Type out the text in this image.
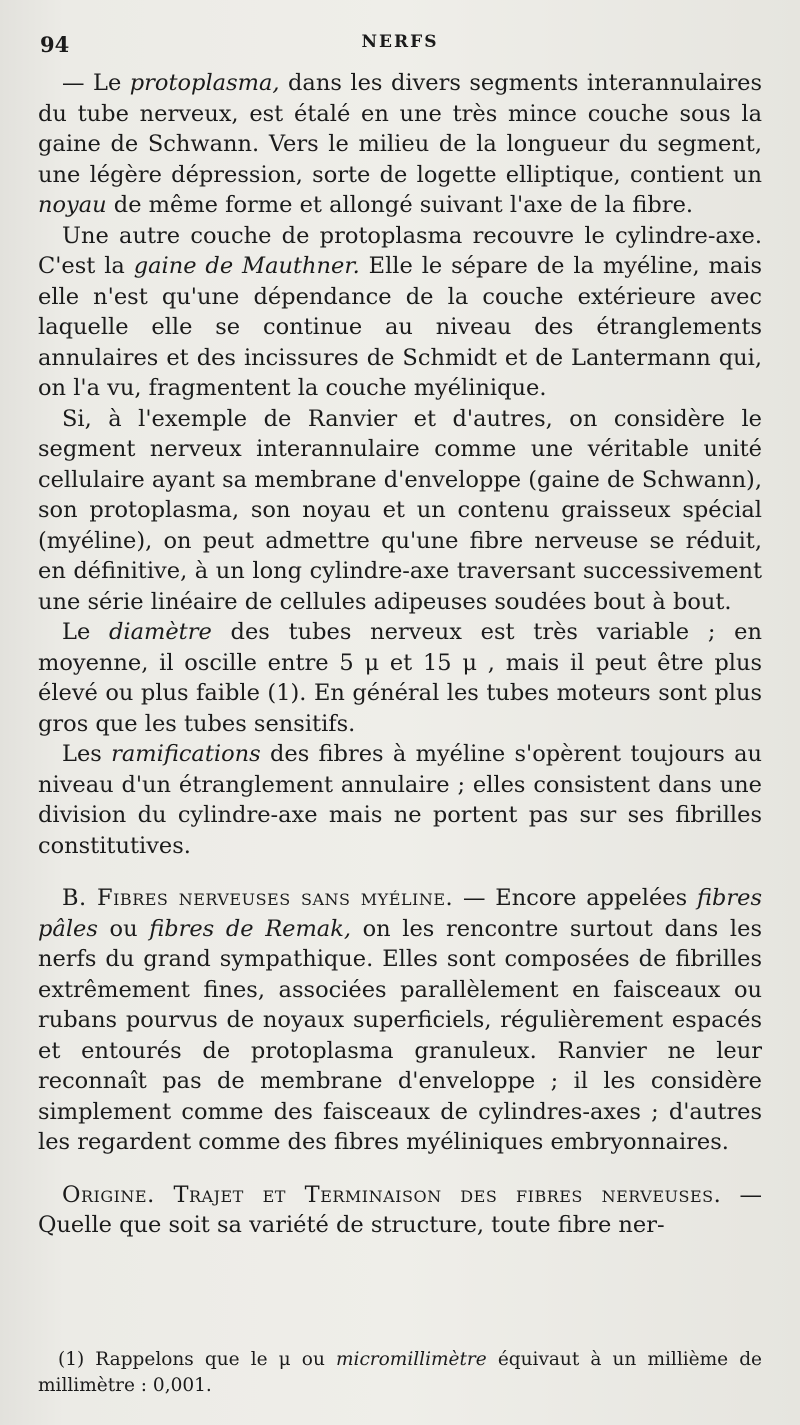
94	NERFS

— Le protoplasma, dans les divers segments interannulaires du tube nerveux, est étalé en une très mince couche sous la gaine de Schwann. Vers le milieu de la longueur du segment, une légère dépression, sorte de logette elliptique, contient un noyau de même forme et allongé suivant l'axe de la fibre.

Une autre couche de protoplasma recouvre le cylindre-axe. C'est la gaine de Mauthner. Elle le sépare de la myéline, mais elle n'est qu'une dépendance de la couche extérieure avec laquelle elle se continue au niveau des étranglements annulaires et des incissures de Schmidt et de Lantermann qui, on l'a vu, fragmentent la couche myélinique.

Si, à l'exemple de Ranvier et d'autres, on considère le segment nerveux interannulaire comme une véritable unité cellulaire ayant sa membrane d'enveloppe (gaine de Schwann), son protoplasma, son noyau et un contenu graisseux spécial (myéline), on peut admettre qu'une fibre nerveuse se réduit, en définitive, à un long cylindre-axe traversant successivement une série linéaire de cellules adipeuses soudées bout à bout.

Le diamètre des tubes nerveux est très variable ; en moyenne, il oscille entre 5 μ et 15 μ , mais il peut être plus élevé ou plus faible (1). En général les tubes moteurs sont plus gros que les tubes sensitifs.

Les ramifications des fibres à myéline s'opèrent toujours au niveau d'un étranglement annulaire ; elles consistent dans une division du cylindre-axe mais ne portent pas sur ses fibrilles constitutives.

B. Fibres nerveuses sans myéline. — Encore appelées fibres pâles ou fibres de Remak, on les rencontre surtout dans les nerfs du grand sympathique. Elles sont composées de fibrilles extrêmement fines, associées parallèlement en faisceaux ou rubans pourvus de noyaux superficiels, régulièrement espacés et entourés de protoplasma granuleux. Ranvier ne leur reconnaît pas de membrane d'enveloppe ; il les considère simplement comme des faisceaux de cylindres-axes ; d'autres les regardent comme des fibres myéliniques embryonnaires.

Origine. Trajet et Terminaison des fibres nerveuses. — Quelle que soit sa variété de structure, toute fibre ner-

(1) Rappelons que le μ ou micromillimètre équivaut à un millième de millimètre : 0,001.
